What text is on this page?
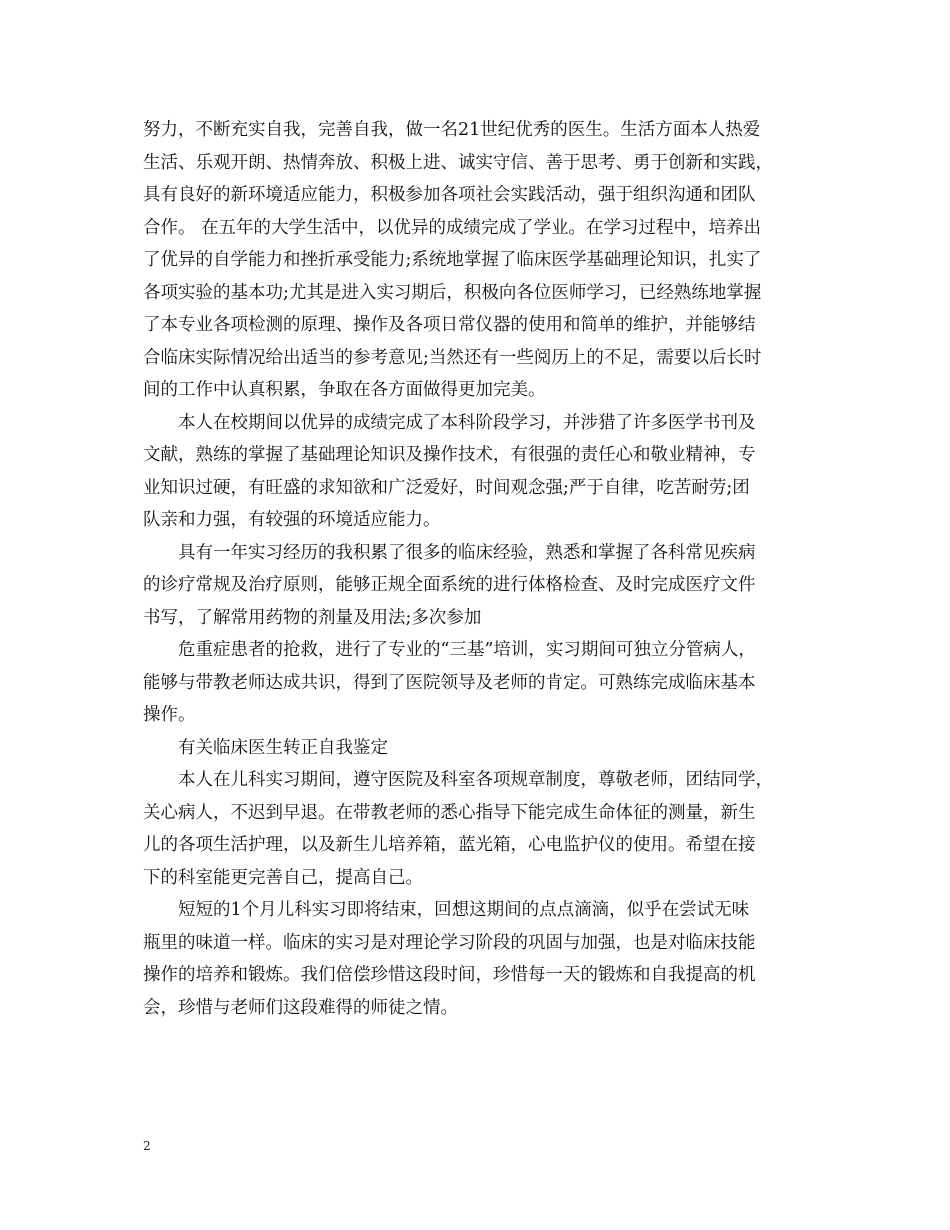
努力，不断充实自我，完善自我，做一名21世纪优秀的医生。生活方面本人热爱
生活、乐观开朗、热情奔放、积极上进、诚实守信、善于思考、勇于创新和实践，
具有良好的新环境适应能力，积极参加各项社会实践活动，强于组织沟通和团队
合作。 在五年的大学生活中，以优异的成绩完成了学业。在学习过程中，培养出
了优异的自学能力和挫折承受能力;系统地掌握了临床医学基础理论知识，扎实了
各项实验的基本功;尤其是进入实习期后，积极向各位医师学习，已经熟练地掌握
了本专业各项检测的原理、操作及各项日常仪器的使用和简单的维护，并能够结
合临床实际情况给出适当的参考意见;当然还有一些阅历上的不足，需要以后长时
间的工作中认真积累，争取在各方面做得更加完美。
本人在校期间以优异的成绩完成了本科阶段学习，并涉猎了许多医学书刊及
文献，熟练的掌握了基础理论知识及操作技术，有很强的责任心和敬业精神，专
业知识过硬，有旺盛的求知欲和广泛爱好，时间观念强;严于自律，吃苦耐劳;团
队亲和力强，有较强的环境适应能力。
具有一年实习经历的我积累了很多的临床经验，熟悉和掌握了各科常见疾病
的诊疗常规及治疗原则，能够正规全面系统的进行体格检查、及时完成医疗文件
书写，了解常用药物的剂量及用法;多次参加
危重症患者的抢救，进行了专业的“三基”培训，实习期间可独立分管病人，
能够与带教老师达成共识，得到了医院领导及老师的肯定。可熟练完成临床基本
操作。
有关临床医生转正自我鉴定
本人在儿科实习期间，遵守医院及科室各项规章制度，尊敬老师，团结同学，
关心病人，不迟到早退。在带教老师的悉心指导下能完成生命体征的测量，新生
儿的各项生活护理，以及新生儿培养箱，蓝光箱，心电监护仪的使用。希望在接
下的科室能更完善自己，提高自己。
短短的1个月儿科实习即将结束，回想这期间的点点滴滴，似乎在尝试无味
瓶里的味道一样。临床的实习是对理论学习阶段的巩固与加强，也是对临床技能
操作的培养和锻炼。我们倍偿珍惜这段时间，珍惜每一天的锻炼和自我提高的机
会，珍惜与老师们这段难得的师徒之情。
2
